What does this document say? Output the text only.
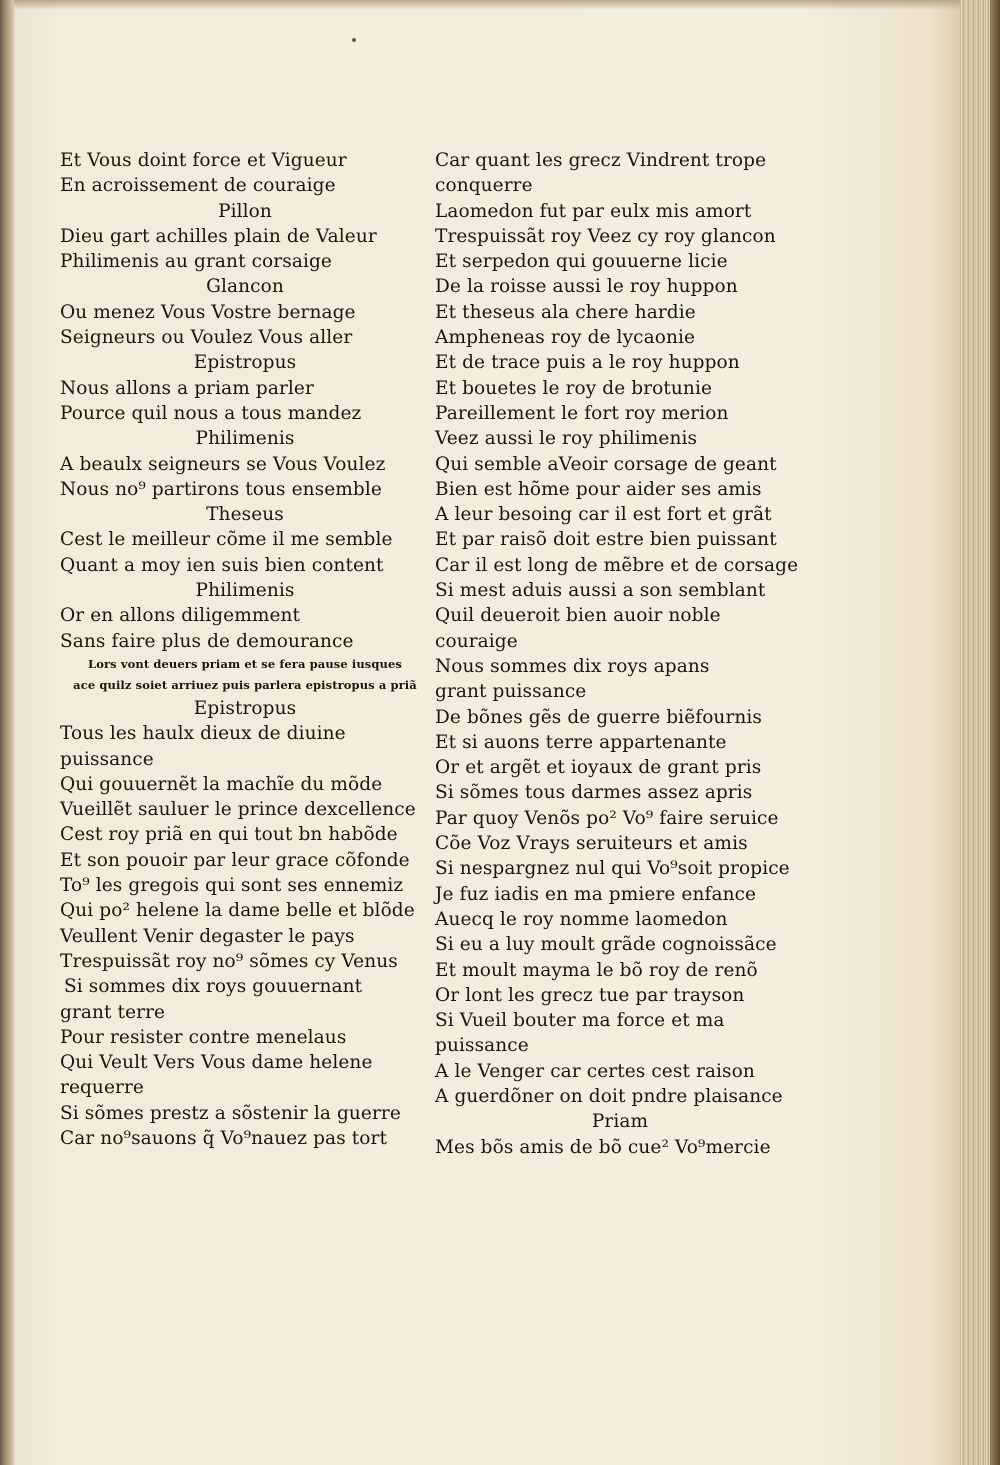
Et Vous doint force et Vigueur
En acroissement de couraige
Pillon
Dieu gart achilles plain de Valeur
Philimenis au grant corsaige
Glancon
Ou menez Vous Vostre bernage
Seigneurs ou Voulez Vous aller
Epistropus
Nous allons a priam parler
Pource quil nous a tous mandez
Philimenis
A beaulx seigneurs se Vous Voulez
Nous no⁹ partirons tous ensemble
Theseus
Cest le meilleur cõme il me semble
Quant a moy ien suis bien content
Philimenis
Or en allons diligemment
Sans faire plus de demourance
Lors vont deuers priam et se fera pause iusques
ace quilz soiet arriuez puis parlera epistropus a priã
Epistropus
Tous les haulx dieux de diuine
puissance
Qui gouuernẽt la machĩe du mõde
Vueillẽt sauluer le prince dexcellence
Cest roy priã en qui tout bn habõde
Et son pouoir par leur grace cõfonde
To⁹ les gregois qui sont ses ennemiz
Qui po² helene la dame belle et blõde
Veullent Venir degaster le pays
Trespuissãt roy no⁹ sõmes cy Venus
Si sommes dix roys gouuernant
grant terre
Pour resister contre menelaus
Qui Veult Vers Vous dame helene
requerre
Si sõmes prestz a sõstenir la guerre
Car no⁹sauons q̃ Vo⁹nauez pas tort
Car quant les grecz Vindrent trope
conquerre
Laomedon fut par eulx mis amort
Trespuissãt roy Veez cy roy glancon
Et serpedon qui gouuerne licie
De la roisse aussi le roy huppon
Et theseus ala chere hardie
Ampheneas roy de lycaonie
Et de trace puis a le roy huppon
Et bouetes le roy de brotunie
Pareillement le fort roy merion
Veez aussi le roy philimenis
Qui semble aVeoir corsage de geant
Bien est hõme pour aider ses amis
A leur besoing car il est fort et grãt
Et par raisõ doit estre bien puissant
Car il est long de mẽbre et de corsage
Si mest aduis aussi a son semblant
Quil deueroit bien auoir noble
couraige
Nous sommes dix roys apans
grant puissance
De bõnes gẽs de guerre biẽfournis
Et si auons terre appartenante
Or et argẽt et ioyaux de grant pris
Si sõmes tous darmes assez apris
Par quoy Venõs po² Vo⁹ faire seruice
Cõe Voz Vrays seruiteurs et amis
Si nespargnez nul qui Vo⁹soit propice
Je fuz iadis en ma pmiere enfance
Auecq le roy nomme laomedon
Si eu a luy moult grãde cognoissãce
Et moult mayma le bõ roy de renõ
Or lont les grecz tue par trayson
Si Vueil bouter ma force et ma
puissance
A le Venger car certes cest raison
A guerdõner on doit pndre plaisance
Priam
Mes bõs amis de bõ cue² Vo⁹mercie
